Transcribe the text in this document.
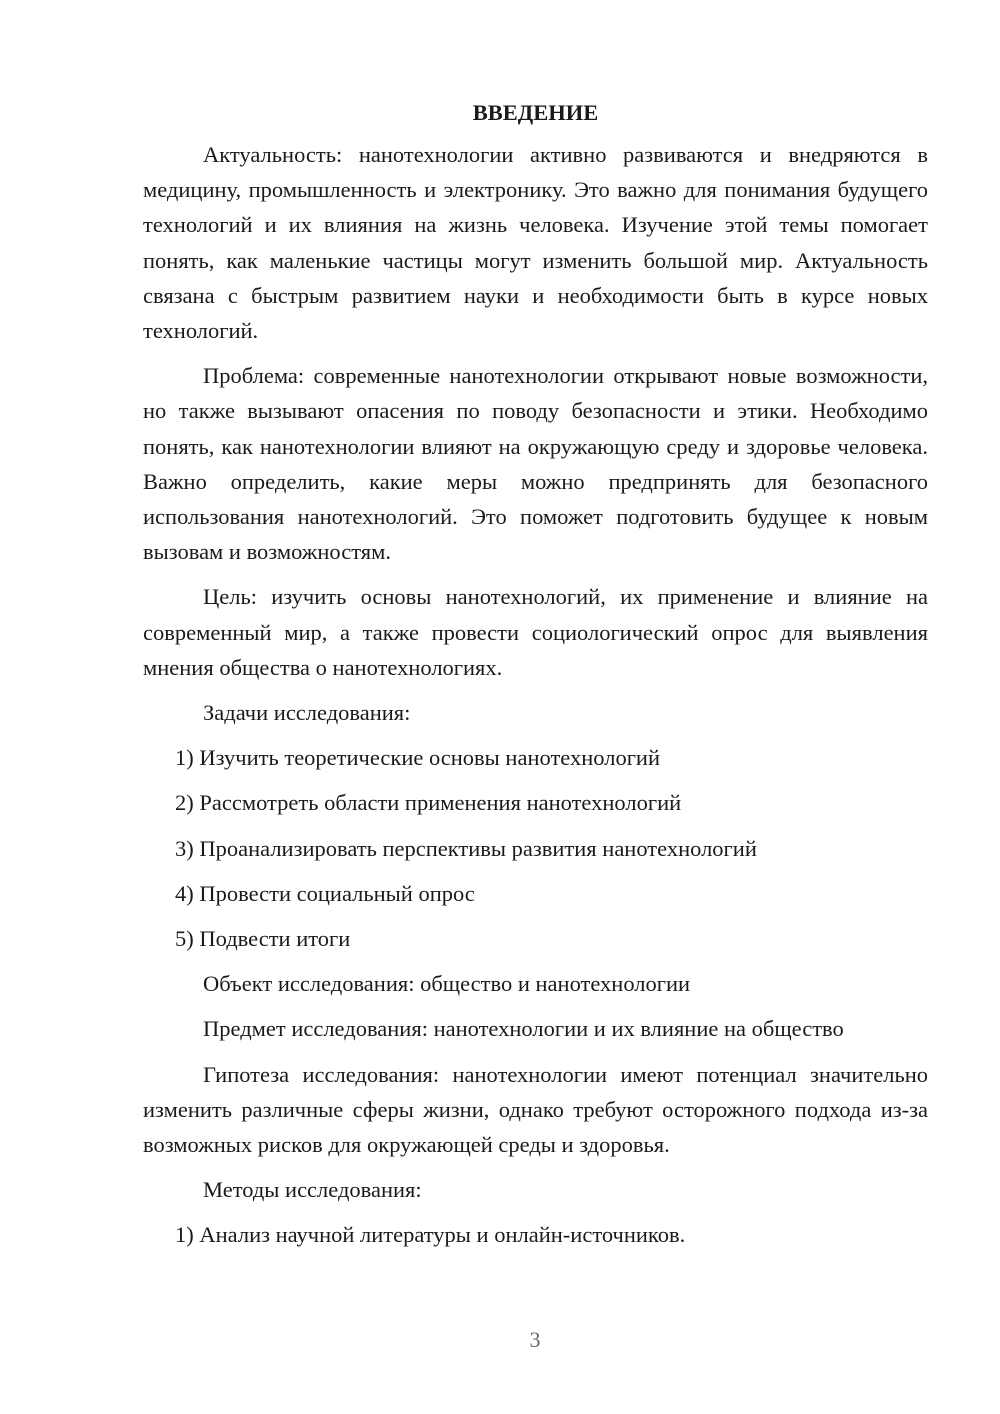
ВВЕДЕНИЕ

Актуальность: нанотехнологии активно развиваются и внедряются в медицину, промышленность и электронику. Это важно для понимания будущего технологий и их влияния на жизнь человека. Изучение этой темы помогает понять, как маленькие частицы могут изменить большой мир. Актуальность связана с быстрым развитием науки и необходимости быть в курсе новых технологий.

Проблема: современные нанотехнологии открывают новые возможности, но также вызывают опасения по поводу безопасности и этики. Необходимо понять, как нанотехнологии влияют на окружающую среду и здоровье человека. Важно определить, какие меры можно предпринять для безопасного использования нанотехнологий. Это поможет подготовить будущее к новым вызовам и возможностям.

Цель: изучить основы нанотехнологий, их применение и влияние на современный мир, а также провести социологический опрос для выявления мнения общества о нанотехнологиях.

Задачи исследования:

1) Изучить теоретические основы нанотехнологий

2) Рассмотреть области применения нанотехнологий

3) Проанализировать перспективы развития нанотехнологий

4) Провести социальный опрос

5) Подвести итоги

Объект исследования: общество и нанотехнологии

Предмет исследования: нанотехнологии и их влияние на общество

Гипотеза исследования: нанотехнологии имеют потенциал значительно изменить различные сферы жизни, однако требуют осторожного подхода из-за возможных рисков для окружающей среды и здоровья.

Методы исследования:

1) Анализ научной литературы и онлайн-источников.

3
